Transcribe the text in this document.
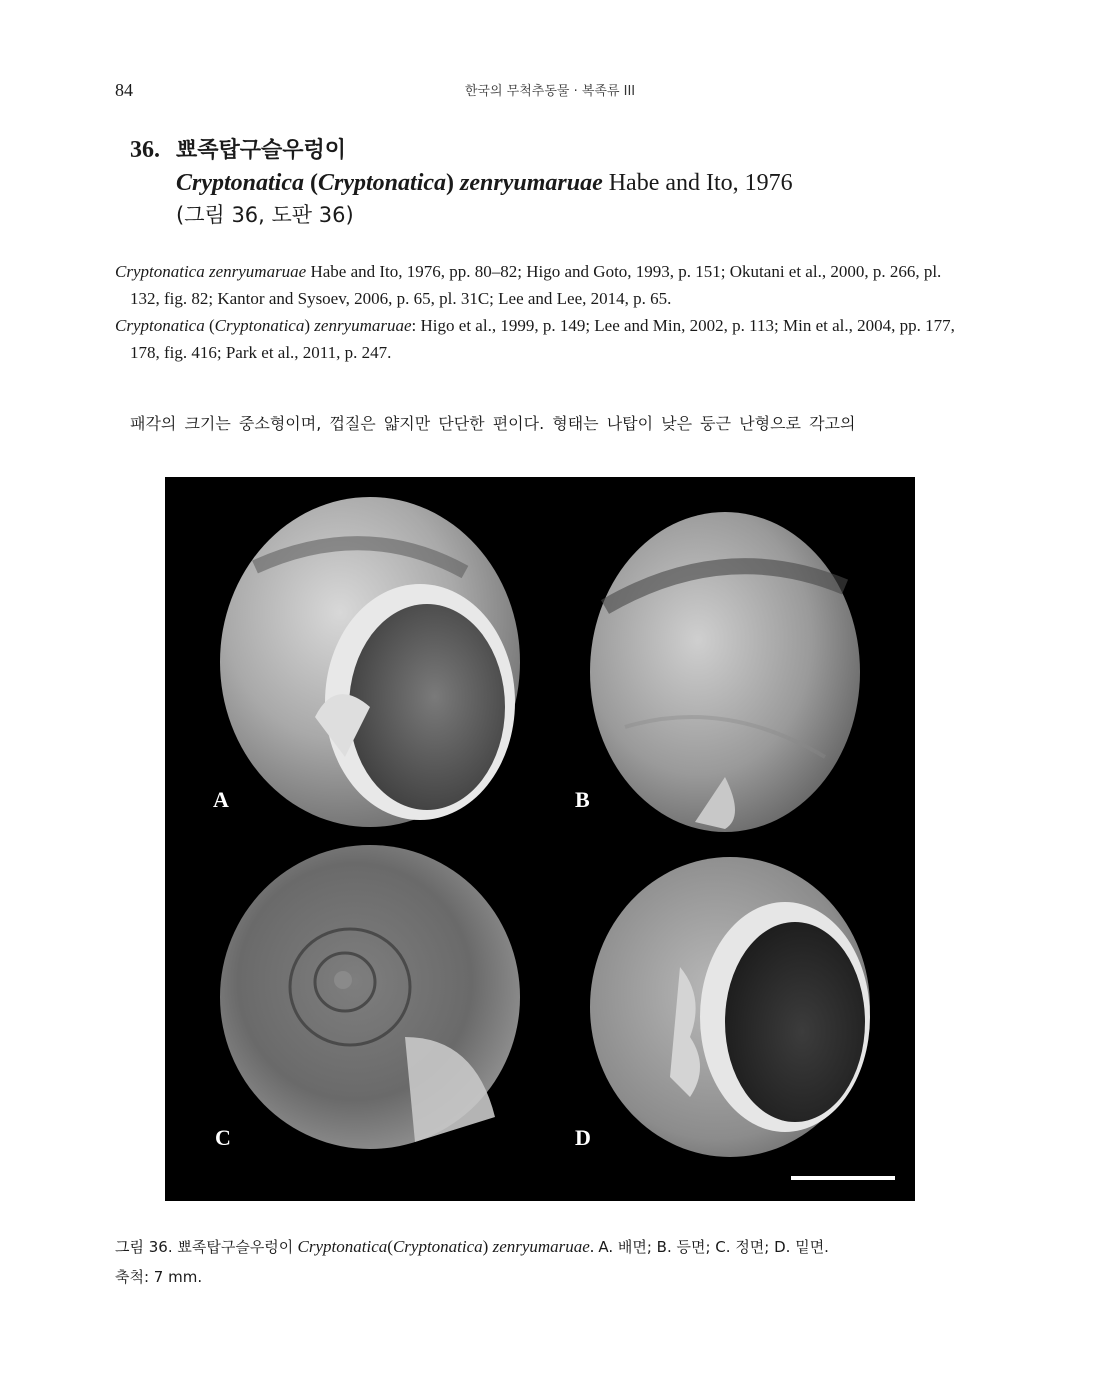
84	한국의 무척추동물 · 복족류 III
36. 뾰족탑구슬우렁이
Cryptonatica (Cryptonatica) zenryumaruae Habe and Ito, 1976
(그림 36, 도판 36)

Cryptonatica zenryumaruae Habe and Ito, 1976, pp. 80–82; Higo and Goto, 1993, p. 151; Okutani et al., 2000, p. 266, pl. 132, fig. 82; Kantor and Sysoev, 2006, p. 65, pl. 31C; Lee and Lee, 2014, p. 65.

Cryptonatica (Cryptonatica) zenryumaruae: Higo et al., 1999, p. 149; Lee and Min, 2002, p. 113; Min et al., 2004, pp. 177, 178, fig. 416; Park et al., 2011, p. 247.

패각의 크기는 중소형이며, 껍질은 얇지만 단단한 편이다. 형태는 나탑이 낮은 둥근 난형으로 각고의
A	B
C	D
그림 36. 뾰족탑구슬우렁이 Cryptonatica(Cryptonatica) zenryumaruae. A. 배면; B. 등면; C. 정면; D. 밑면.
축척: 7 mm.
